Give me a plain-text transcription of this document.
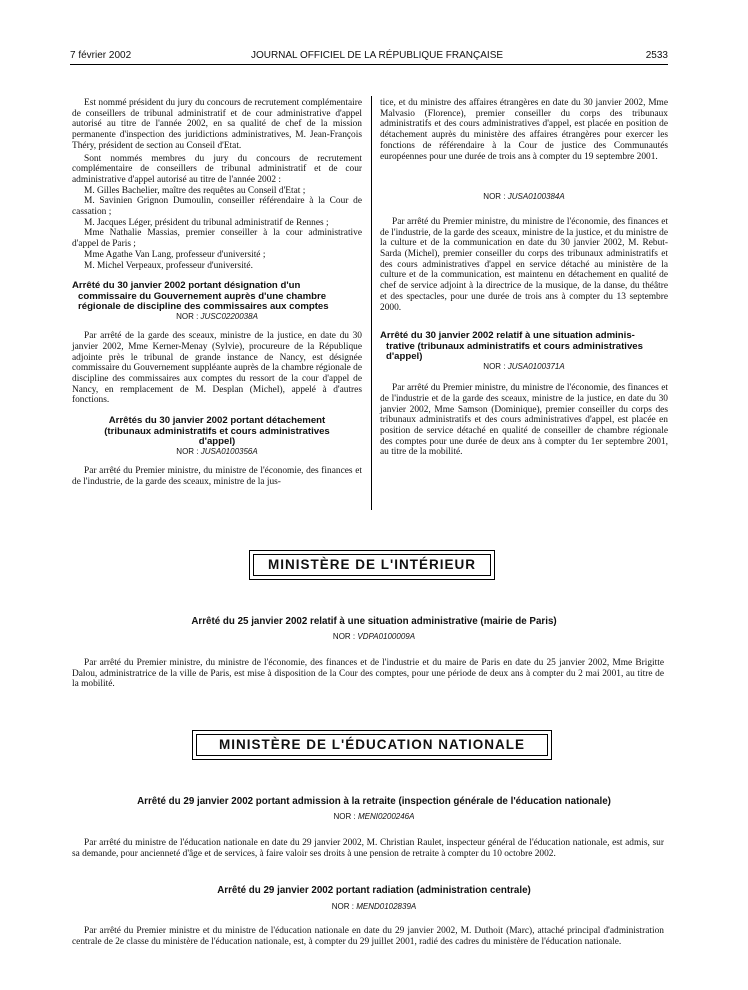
7 février 2002	JOURNAL OFFICIEL DE LA RÉPUBLIQUE FRANÇAISE	2533

Est nommé président du jury du concours de recrutement complémentaire de conseillers de tribunal administratif et de cour administrative d'appel autorisé au titre de l'année 2002, en sa qualité de chef de la mission permanente d'inspection des juridictions administratives, M. Jean-François Théry, président de section au Conseil d'Etat.

Sont nommés membres du jury du concours de recrutement complémentaire de conseillers de tribunal administratif et de cour administrative d'appel autorisé au titre de l'année 2002 :

M. Gilles Bachelier, maître des requêtes au Conseil d'Etat ;

M. Savinien Grignon Dumoulin, conseiller référendaire à la Cour de cassation ;

M. Jacques Léger, président du tribunal administratif de Rennes ;

Mme Nathalie Massias, premier conseiller à la cour administrative d'appel de Paris ;

Mme Agathe Van Lang, professeur d'université ;

M. Michel Verpeaux, professeur d'université.

Arrêté du 30 janvier 2002 portant désignation d'un
commissaire du Gouvernement auprès d'une chambre
régionale de discipline des commissaires aux comptes

NOR : JUSC0220038A

Par arrêté de la garde des sceaux, ministre de la justice, en date du 30 janvier 2002, Mme Kerner-Menay (Sylvie), procureure de la République adjointe près le tribunal de grande instance de Nancy, est désignée commissaire du Gouvernement suppléante auprès de la chambre régionale de discipline des commissaires aux comptes du ressort de la cour d'appel de Nancy, en remplacement de M. Desplan (Michel), appelé à d'autres fonctions.

Arrêtés du 30 janvier 2002 portant détachement
(tribunaux administratifs et cours administratives
d'appel)

NOR : JUSA0100356A

Par arrêté du Premier ministre, du ministre de l'économie, des finances et de l'industrie, de la garde des sceaux, ministre de la jus-

tice, et du ministre des affaires étrangères en date du 30 janvier 2002, Mme Malvasio (Florence), premier conseiller du corps des tribunaux administratifs et des cours administratives d'appel, est placée en position de détachement auprès du ministère des affaires étrangères pour exercer les fonctions de référendaire à la Cour de justice des Communautés européennes pour une durée de trois ans à compter du 19 septembre 2001.

NOR : JUSA0100384A

Par arrêté du Premier ministre, du ministre de l'économie, des finances et de l'industrie, de la garde des sceaux, ministre de la justice, et du ministre de la culture et de la communication en date du 30 janvier 2002, M. Rebut-Sarda (Michel), premier conseiller du corps des tribunaux administratifs et des cours administratives d'appel en service détaché au ministère de la culture et de la communication, est maintenu en détachement en qualité de chef de service adjoint à la directrice de la musique, de la danse, du théâtre et des spectacles, pour une durée de trois ans à compter du 13 septembre 2000.

Arrêté du 30 janvier 2002 relatif à une situation adminis-
trative (tribunaux administratifs et cours administratives
d'appel)

NOR : JUSA0100371A

Par arrêté du Premier ministre, du ministre de l'économie, des finances et de l'industrie et de la garde des sceaux, ministre de la justice, en date du 30 janvier 2002, Mme Samson (Dominique), premier conseiller du corps des tribunaux administratifs et des cours administratives d'appel, est placée en position de service détaché en qualité de conseiller de chambre régionale des comptes pour une durée de deux ans à compter du 1er septembre 2001, au titre de la mobilité.

MINISTÈRE DE L'INTÉRIEUR
Arrêté du 25 janvier 2002 relatif à une situation administrative (mairie de Paris)
NOR : VDPA0100009A

Par arrêté du Premier ministre, du ministre de l'économie, des finances et de l'industrie et du maire de Paris en date du 25 janvier 2002, Mme Brigitte Dalou, administratrice de la ville de Paris, est mise à disposition de la Cour des comptes, pour une période de deux ans à compter du 2 mai 2001, au titre de la mobilité.

MINISTÈRE DE L'ÉDUCATION NATIONALE
Arrêté du 29 janvier 2002 portant admission à la retraite (inspection générale de l'éducation nationale)
NOR : MENI0200246A

Par arrêté du ministre de l'éducation nationale en date du 29 janvier 2002, M. Christian Raulet, inspecteur général de l'éducation nationale, est admis, sur sa demande, pour ancienneté d'âge et de services, à faire valoir ses droits à une pension de retraite à compter du 10 octobre 2002.

Arrêté du 29 janvier 2002 portant radiation (administration centrale)
NOR : MEND0102839A

Par arrêté du Premier ministre et du ministre de l'éducation nationale en date du 29 janvier 2002, M. Duthoit (Marc), attaché principal d'administration centrale de 2e classe du ministère de l'éducation nationale, est, à compter du 29 juillet 2001, radié des cadres du ministère de l'éducation nationale.
